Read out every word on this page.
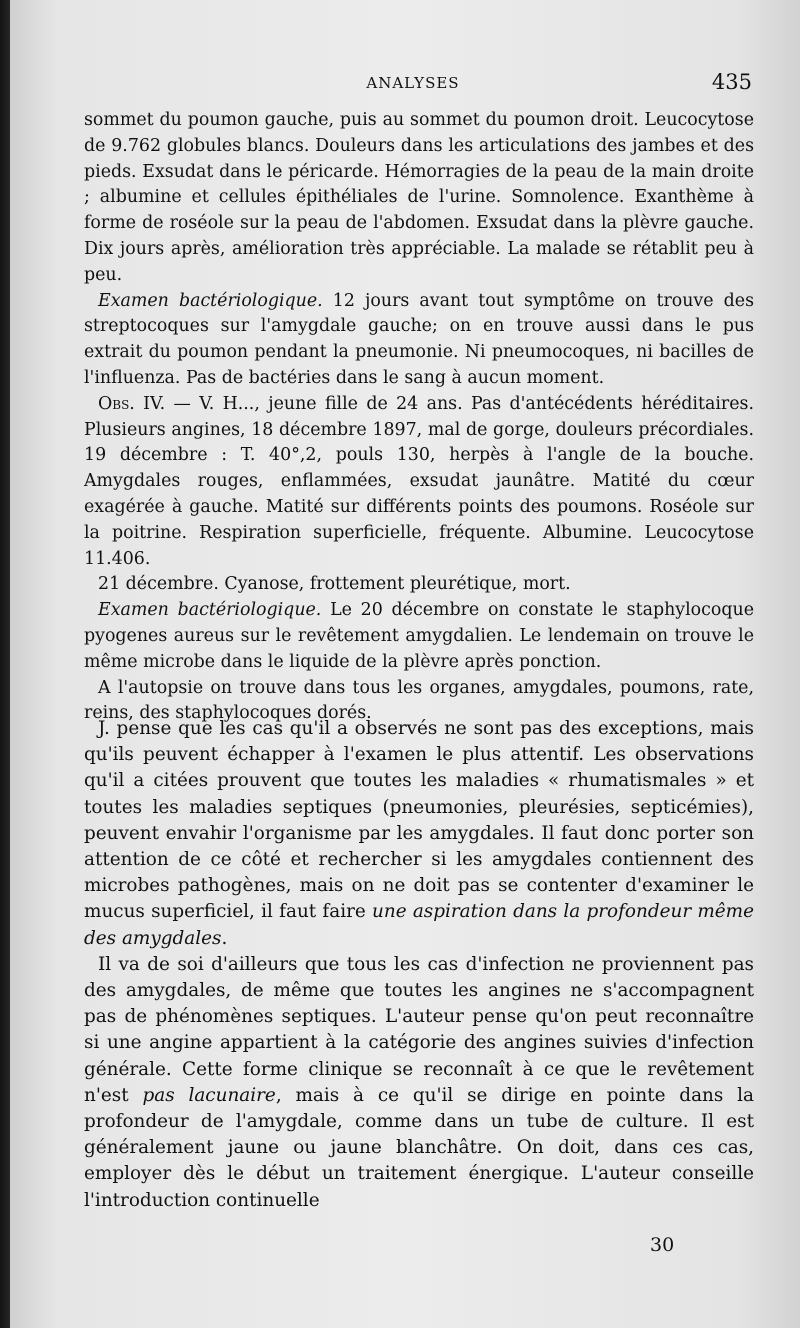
ANALYSES	435

sommet du poumon gauche, puis au sommet du poumon droit. Leucocytose de 9.762 globules blancs. Douleurs dans les articulations des jambes et des pieds. Exsudat dans le péricarde. Hémorragies de la peau de la main droite ; albumine et cellules épithéliales de l'urine. Somnolence. Exanthème à forme de roséole sur la peau de l'abdomen. Exsudat dans la plèvre gauche. Dix jours après, amélioration très appréciable. La malade se rétablit peu à peu.

Examen bactériologique. 12 jours avant tout symptôme on trouve des streptocoques sur l'amygdale gauche; on en trouve aussi dans le pus extrait du poumon pendant la pneumonie. Ni pneumocoques, ni bacilles de l'influenza. Pas de bactéries dans le sang à aucun moment.

Obs. IV. — V. H..., jeune fille de 24 ans. Pas d'antécédents héréditaires. Plusieurs angines, 18 décembre 1897, mal de gorge, douleurs précordiales. 19 décembre : T. 40°,2, pouls 130, herpès à l'angle de la bouche. Amygdales rouges, enflammées, exsudat jaunâtre. Matité du cœur exagérée à gauche. Matité sur différents points des poumons. Roséole sur la poitrine. Respiration superficielle, fréquente. Albumine. Leucocytose 11.406.

21 décembre. Cyanose, frottement pleurétique, mort.

Examen bactériologique. Le 20 décembre on constate le staphylocoque pyogenes aureus sur le revêtement amygdalien. Le lendemain on trouve le même microbe dans le liquide de la plèvre après ponction.

A l'autopsie on trouve dans tous les organes, amygdales, poumons, rate, reins, des staphylocoques dorés.

J. pense que les cas qu'il a observés ne sont pas des exceptions, mais qu'ils peuvent échapper à l'examen le plus attentif. Les observations qu'il a citées prouvent que toutes les maladies « rhumatismales » et toutes les maladies septiques (pneumonies, pleurésies, septicémies), peuvent envahir l'organisme par les amygdales. Il faut donc porter son attention de ce côté et rechercher si les amygdales contiennent des microbes pathogènes, mais on ne doit pas se contenter d'examiner le mucus superficiel, il faut faire une aspiration dans la profondeur même des amygdales.

Il va de soi d'ailleurs que tous les cas d'infection ne proviennent pas des amygdales, de même que toutes les angines ne s'accompagnent pas de phénomènes septiques. L'auteur pense qu'on peut reconnaître si une angine appartient à la catégorie des angines suivies d'infection générale. Cette forme clinique se reconnaît à ce que le revêtement n'est pas lacunaire, mais à ce qu'il se dirige en pointe dans la profondeur de l'amygdale, comme dans un tube de culture. Il est généralement jaune ou jaune blanchâtre. On doit, dans ces cas, employer dès le début un traitement énergique. L'auteur conseille l'introduction continuelle

30
